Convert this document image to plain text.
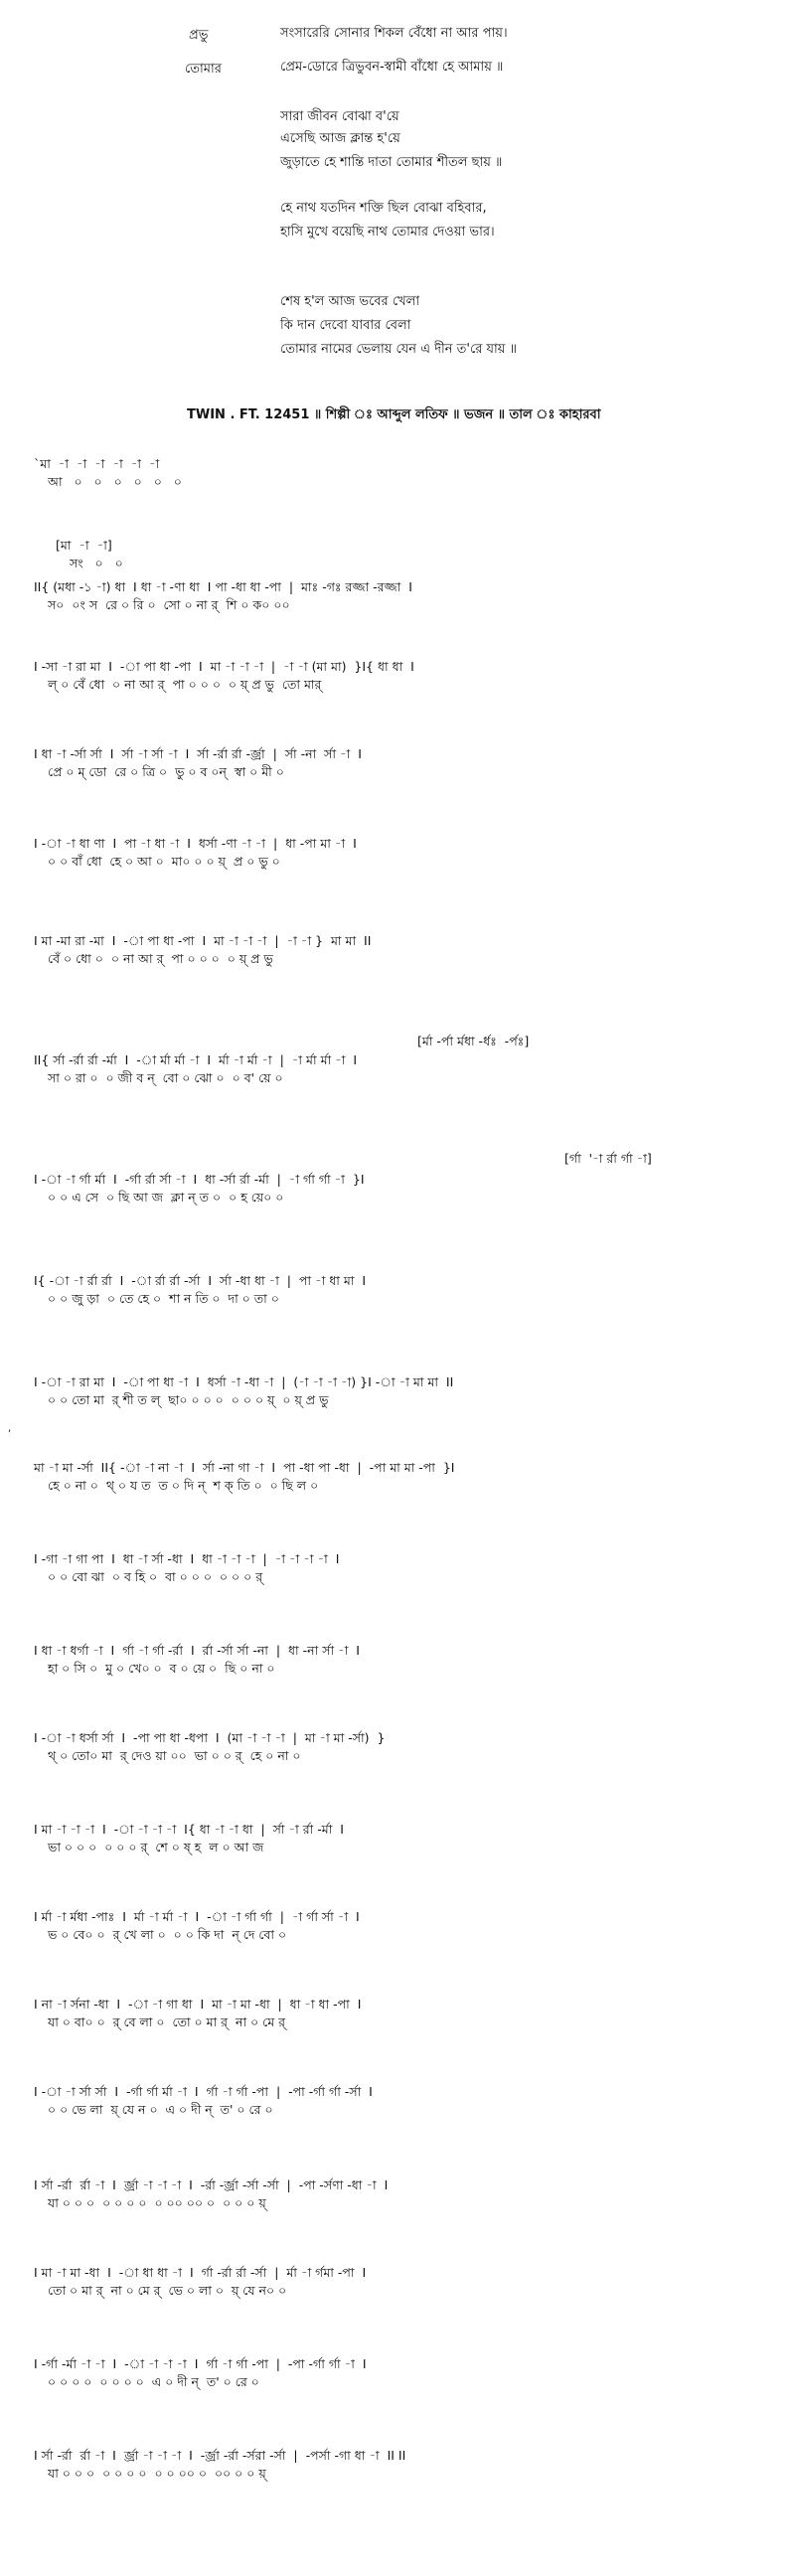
প্রভু	সংসারেরি সোনার শিকল বেঁধো না আর পায়।
তোমার	প্রেম-ডোরে ত্রিভুবন-স্বামী বাঁধো হে আমায় ॥
সারা জীবন বোঝা ব'য়ে
এসেছি আজ ক্লান্ত হ'য়ে
জুড়াতে হে শান্তি দাতা তোমার শীতল ছায় ॥
হে নাথ যতদিন শক্তি ছিল বোঝা বহিবার,
হাসি মুখে বয়েছি নাথ তোমার দেওয়া ভার।
শেষ হ'ল আজ ভবের খেলা
কি দান দেবো যাবার বেলা
তোমার নামের ভেলায় যেন এ দীন ত'রে যায় ॥
TWIN . FT. 12451 ॥ শিল্পী ঃ আব্দুল লতিফ ॥ ভজন ॥ তাল ঃ কাহারবা
`মা  -া  -া  -া  -া  -া  -া
আ   ০   ০   ০   ০   ০   ০
[মা  -া  -া]
সং   ০   ০
II{ (মধা -১ -া) ধা  I ধা -া -ণা ধা  I পা -ধা ধা -পা  |  মাঃ -গঃ রজ্জা -রজ্জা  I
স০  ০ং স  রে ০ রি ০  সো ০ না র্  শি ০ ক০ ০০
I -সা -া রা মা  I  -া পা ধা -পা  I  মা -া -া -া  |  -া -া (মা মা)  }I{ ধা ধা  I
ল্ ০ বেঁ ধো  ০ না আ র্  পা ০ ০ ০  ০ য়্ প্র ভু  তো মার্
I ধা -া -র্সা র্সা  I  র্সা -া র্সা -া  I  র্সা -র্রা র্রা -র্জ্রা  |  র্সা -না  র্সা -া  I
প্রে ০ ম্ ডো  রে ০ ত্রি ০  ভু ০ ব ০ন্  স্বা ০ মী ০
I -া -া ধা ণা  I  পা -া ধা -া  I  ধর্সা -ণা -া -া  |  ধা -পা মা -া  I
০ ০ বাঁ ধো  হে ০ আ ০  মা০ ০ ০ য়্  প্র ০ ভু ০
I মা -মা রা -মা  I  -া পা ধা -পা  I  মা -া -া -া  |  -া -া }  মা মা  II
বেঁ ০ ধো ০  ০ না আ র্  পা ০ ০ ০  ০ য়্ প্র ভু
[র্মা -র্পা র্মধা -র্ধঃ  -র্পঃ]
II{ র্সা -র্রা র্রা -র্মা  I  -া র্মা র্মা -া  I  র্মা -া র্মা -া  |  -া র্মা র্মা -া  I
সা ০ রা ০  ০ জী ব ন্  বো ০ ঝো ০  ০ ব' য়ে ০
[র্গা  '-া র্রা র্গা -া]
I -া -া র্গা র্মা  I  -র্গা র্রা র্সা -া  I  ধা -র্সা র্রা -র্মা  |  -া র্গা র্গা -া  }I
০ ০ এ সে  ০ ছি আ জ  ক্লা ন্ ত ০  ০ হ য়ে০ ০
I{ -া -া র্রা র্রা  I  -া র্রা র্রা -র্সা  I  র্সা -ধা ধা -া  |  পা -া ধা মা  I
০ ০ জু ড়া  ০ তে হে ০  শা ন তি ০  দা ০ তা ০
I -া -া রা মা  I  -া পা ধা -া  I  ধর্সা -া -ধা -া  |  (-া -া -া -া) }I -া -া মা মা  II
০ ০ তো মা  র্ শী ত ল্  ছা০ ০ ০ ০  ০ ০ ০ য়্  ০ য়্ প্র ভু
,
মা -া মা -র্সা  II{ -া -া না -া  I  র্সা -না গা -া  I  পা -ধা পা -ধা  |  -পা মা মা -পা  }I
হে ০ না ০  থ্ ০ য ত  ত ০ দি ন্  শ ক্ তি ০  ০ ছি ল ০
I -গা -া গা পা  I  ধা -া র্সা -ধা  I  ধা -া -া -া  |  -া -া -া -া  I
০ ০ বো ঝা  ০ ব হি ০  বা ০ ০ ০  ০ ০ ০ র্
I ধা -া ধর্গা -া  I  র্গা -া র্গা -র্রা  I  র্রা -র্সা র্সা -না  |  ধা -না র্সা -া  I
হা ০ সি ০  মু ০ খে০ ০  ব ০ য়ে ০  ছি ০ না ০
I -া -া ধর্সা র্সা  I  -পা পা ধা -ধপা  I  (মা -া -া -া  |  মা -া মা -র্সা)  }
থ্ ০ তো০ মা  র্ দেও য়া ০০  ভা ০ ০ র্  হে ০ না ০
I মা -া -া -া  I  -া -া -া -া  I{ ধা -া -া ধা  |  র্সা -া র্রা -র্মা  I
ভা ০ ০ ০  ০ ০ ০ র্  শে ০ ষ্ হ  ল ০ আ জ
I র্মা -া র্মধা -পাঃ  I  র্মা -া র্মা -া  I  -া -া র্গা র্গা  |  -া র্গা র্সা -া  I
ভ ০ বে০ ০  র্ খে লা ০  ০ ০ কি দা  ন্ দে বো ০
I না -া র্সনা -ধা  I  -া -া গা ধা  I  মা -া মা -ধা  |  ধা -া ধা -পা  I
যা ০ বা০ ০  র্ বে লা ০  তো ০ মা র্  না ০ মে র্
I -া -া র্সা র্সা  I  -র্গা র্গা র্মা -া  I  র্গা -া র্গা -পা  |  -পা -র্গা র্গা -র্সা  I
০ ০ ভে লা  য়্ যে ন ০  এ ০ দী ন্  ত' ০ রে ০
I র্সা -র্রা  র্রা -া  I  র্জ্রা -া -া -া  I  -র্রা -র্জ্রা -র্সা -র্সা  |  -পা -র্সণা -ধা -া  I
যা ০ ০ ০  ০ ০ ০ ০  ০ ০০ ০০ ০  ০ ০ ০ য়্
I মা -া মা -ধা  I  -া ধা ধা -া  I  র্গা -র্রা র্রা -র্সা  |  র্মা -া র্গমা -পা  I
তো ০ মা র্  না ০ মে র্  ভে ০ লা ০  য়্ যে ন০ ০
I -র্গা -র্মা -া -া  I  -া -া -া -া  I  র্গা -া র্গা -পা  |  -পা -র্গা র্গা -া  I
০ ০ ০ ০  ০ ০ ০ ০  এ ০ দী ন্  ত' ০ রে ০
I র্সা -র্রা  র্রা -া  I  র্জ্রা -া -া -া  I  -র্জ্রা -র্রা -র্সরা -র্সা  |  -পর্সা -গা ধা -া  II II
যা ০ ০ ০  ০ ০ ০ ০  ০ ০ ০০ ০  ০০ ০ ০ য়্
